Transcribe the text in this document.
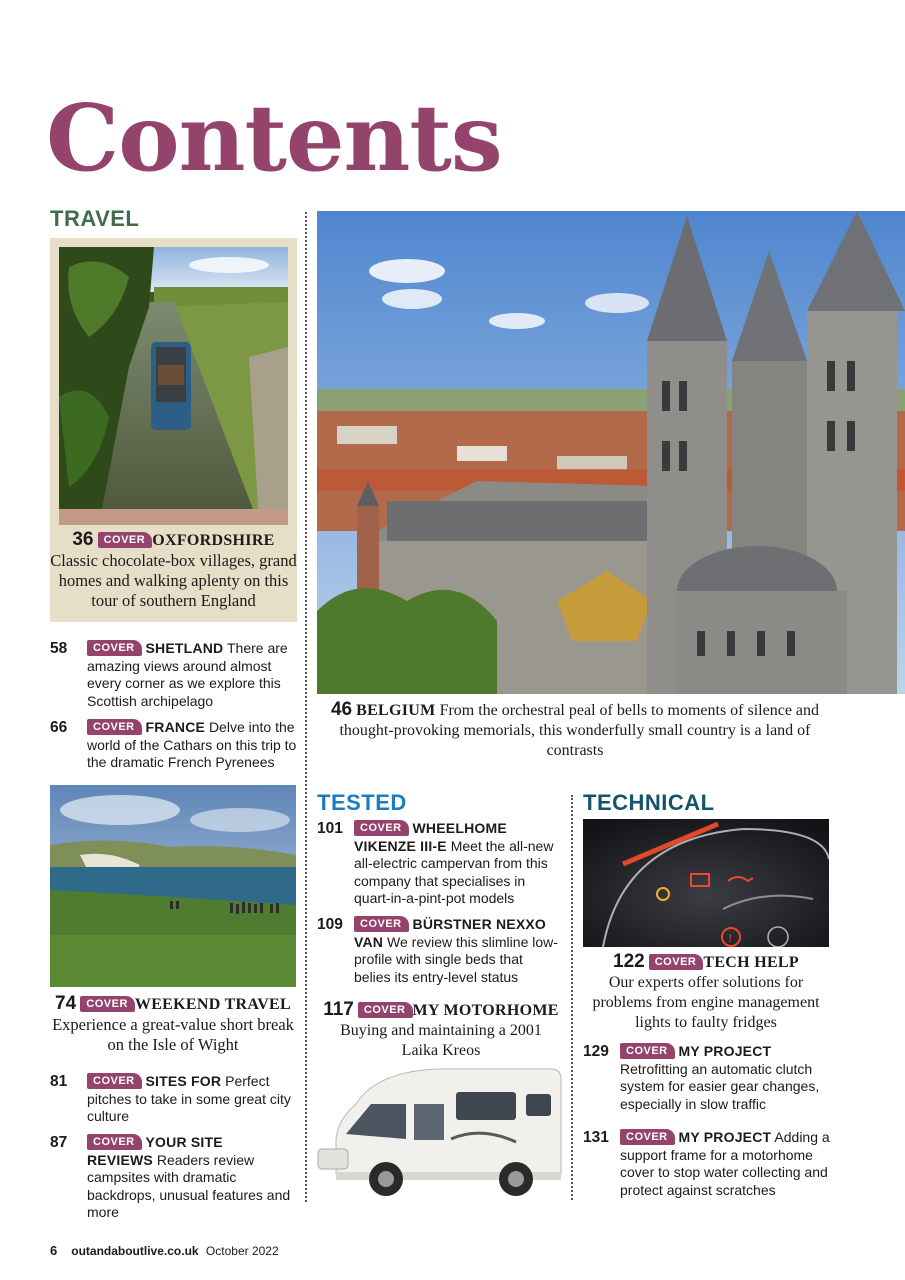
Contents
TRAVEL
TESTED	TECHNICAL
36 COVER OXFORDSHIRE
Classic chocolate-box villages, grand homes and walking aplenty on this tour of southern England
58	COVER SHETLAND There are amazing views around almost every corner as we explore this Scottish archipelago
66	COVER FRANCE Delve into the world of the Cathars on this trip to the dramatic French Pyrenees
46 BELGIUM From the orchestral peal of bells to moments of silence and thought-provoking memorials, this wonderfully small country is a land of contrasts
74 COVER WEEKEND TRAVEL
Experience a great-value short break on the Isle of Wight
81	COVER SITES FOR Perfect pitches to take in some great city culture
87	COVER YOUR SITE REVIEWS Readers review campsites with dramatic backdrops, unusual features and more
101	COVER WHEELHOME VIKENZE III-E Meet the all-new all-electric campervan from this company that specialises in quart-in-a-pint-pot models
109	COVER BÜRSTNER NEXXO VAN We review this slimline low-profile with single beds that belies its entry-level status
117 COVER MY MOTORHOME
Buying and maintaining a 2001 Laika Kreos
!
122 COVER TECH HELP
Our experts offer solutions for problems from engine management lights to faulty fridges
129	COVER MY PROJECT
Retrofitting an automatic clutch system for easier gear changes, especially in slow traffic
131	COVER MY PROJECT Adding a support frame for a motorhome cover to stop water collecting and protect against scratches
6 outandaboutlive.co.uk October 2022
